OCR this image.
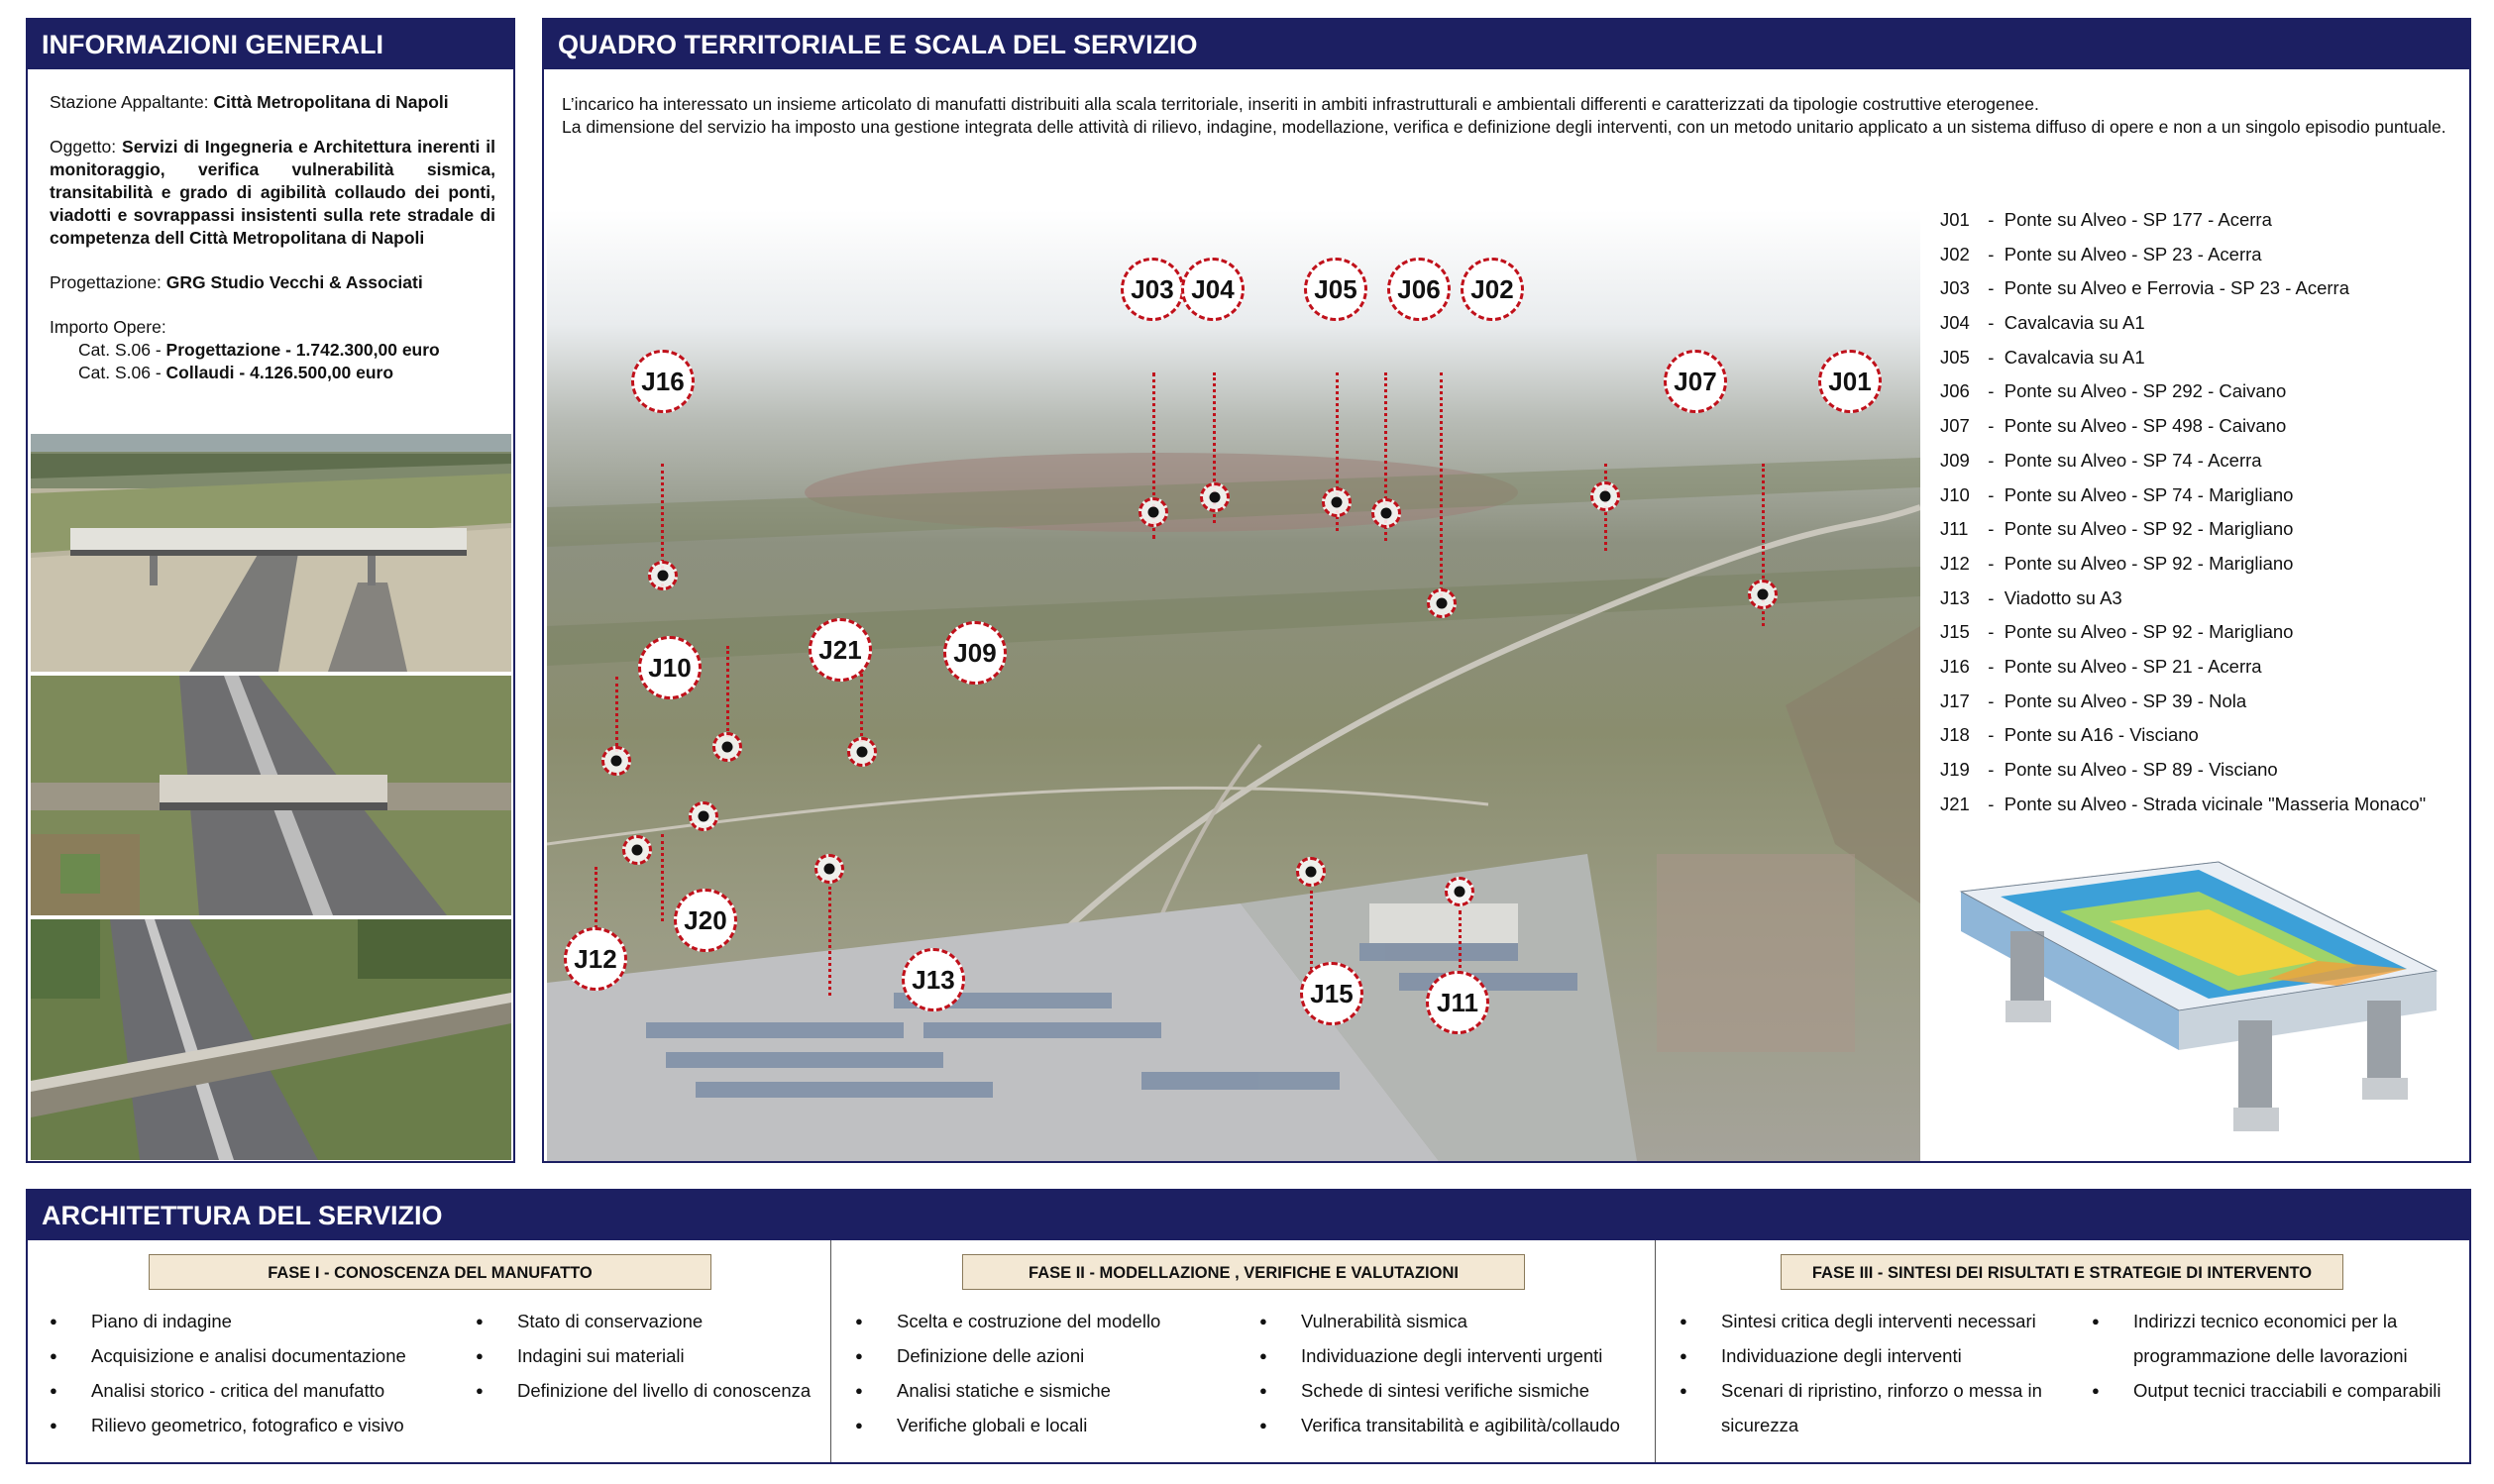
INFORMAZIONI GENERALI

Stazione Appaltante: Città Metropolitana di Napoli

Oggetto: Servizi di Ingegneria e Architettura inerenti il monitoraggio, verifica vulnerabilità sismica, transitabilità e grado di agibilità collaudo dei ponti, viadotti e sovrappassi insistenti sulla rete stradale di competenza dell Città Metropolitana di Napoli

Progettazione: GRG Studio Vecchi & Associati

Importo Opere:
Cat. S.06 - Progettazione - 1.742.300,00 euro
Cat. S.06 - Collaudi - 4.126.500,00 euro
QUADRO TERRITORIALE E SCALA DEL SERVIZIO
L’incarico ha interessato un insieme articolato di manufatti distribuiti alla scala territoriale, inseriti in ambiti infrastrutturali e ambientali differenti e caratterizzati da tipologie costruttive eterogenee.
La dimensione del servizio ha imposto una gestione integrata delle attività di rilievo, indagine, modellazione, verifica e definizione degli interventi, con un metodo unitario applicato a un sistema diffuso di opere e non a un singolo episodio puntuale.
J03 J04	J05	J06	J02
J16	J07	J01
J10
J21	J09
J12
J20
J13	J15	J11
J01  -  Ponte su Alveo - SP 177 - Acerra
J02  -  Ponte su Alveo - SP 23 - Acerra
J03  -  Ponte su Alveo e Ferrovia - SP 23 - Acerra
J04  -  Cavalcavia su A1
J05  -  Cavalcavia su A1
J06  -  Ponte su Alveo - SP 292 - Caivano
J07  -  Ponte su Alveo - SP 498 - Caivano
J09  -  Ponte su Alveo - SP 74 - Acerra
J10  -  Ponte su Alveo - SP 74 - Marigliano
J11  -  Ponte su Alveo - SP 92 - Marigliano
J12  -  Ponte su Alveo - SP 92 - Marigliano
J13  -  Viadotto su A3
J15  -  Ponte su Alveo - SP 92 - Marigliano
J16  -  Ponte su Alveo - SP 21 - Acerra
J17  -  Ponte su Alveo - SP 39 - Nola
J18  -  Ponte su A16 - Visciano
J19  -  Ponte su Alveo - SP 89 - Visciano
J21  -  Ponte su Alveo - Strada vicinale "Masseria Monaco"
ARCHITETTURA DEL SERVIZIO
FASE I - CONOSCENZA DEL MANUFATTO
● Piano di indagine
● Acquisizione e analisi documentazione
● Analisi storico - critica del manufatto
● Rilievo geometrico, fotografico e visivo
● Stato di conservazione
● Indagini sui materiali
● Definizione del livello di conoscenza
FASE II - MODELLAZIONE , VERIFICHE E VALUTAZIONI
● Scelta e costruzione del modello
● Definizione delle azioni
● Analisi statiche e sismiche
● Verifiche globali e locali
● Vulnerabilità sismica
● Individuazione degli interventi urgenti
● Schede di sintesi verifiche sismiche
● Verifica transitabilità e agibilità/collaudo
FASE III - SINTESI DEI RISULTATI E STRATEGIE DI INTERVENTO
● Sintesi critica degli interventi necessari
● Individuazione degli interventi
● Scenari di ripristino, rinforzo o messa in
sicurezza
● Indirizzi tecnico economici per la
programmazione delle lavorazioni
● Output tecnici tracciabili e comparabili
